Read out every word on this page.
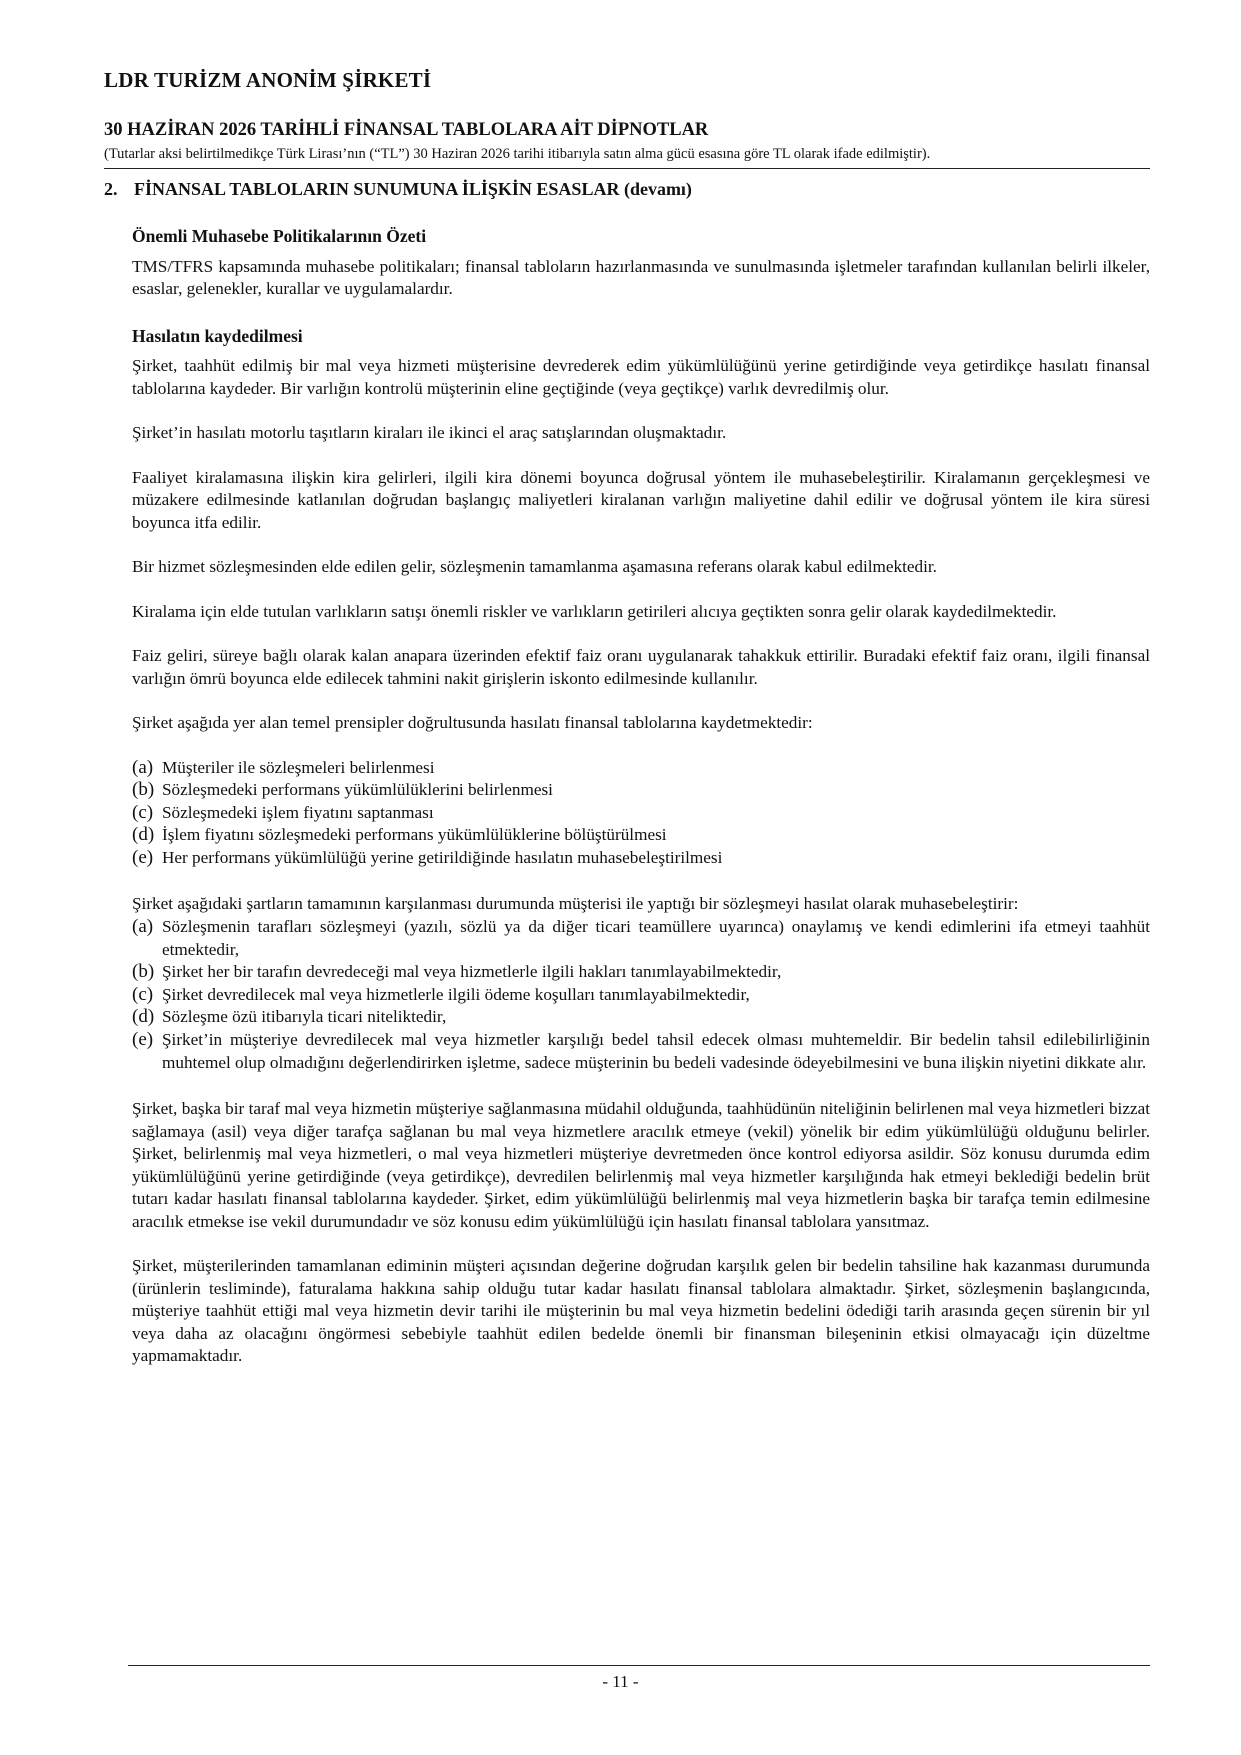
LDR TURİZM ANONİM ŞİRKETİ
30 HAZİRAN 2026 TARİHLİ FİNANSAL TABLOLARA AİT DİPNOTLAR
(Tutarlar aksi belirtilmedikçe Türk Lirası’nın (“TL”) 30 Haziran 2026 tarihi itibarıyla satın alma gücü esasına göre TL olarak ifade edilmiştir).
2. FİNANSAL TABLOLARIN SUNUMUNA İLİŞKİN ESASLAR (devamı)
Önemli Muhasebe Politikalarının Özeti

TMS/TFRS kapsamında muhasebe politikaları; finansal tabloların hazırlanmasında ve sunulmasında işletmeler tarafından kullanılan belirli ilkeler, esaslar, gelenekler, kurallar ve uygulamalardır.

Hasılatın kaydedilmesi

Şirket, taahhüt edilmiş bir mal veya hizmeti müşterisine devrederek edim yükümlülüğünü yerine getirdiğinde veya getirdikçe hasılatı finansal tablolarına kaydeder. Bir varlığın kontrolü müşterinin eline geçtiğinde (veya geçtikçe) varlık devredilmiş olur.

Şirket’in hasılatı motorlu taşıtların kiraları ile ikinci el araç satışlarından oluşmaktadır.

Faaliyet kiralamasına ilişkin kira gelirleri, ilgili kira dönemi boyunca doğrusal yöntem ile muhasebeleştirilir. Kiralamanın gerçekleşmesi ve müzakere edilmesinde katlanılan doğrudan başlangıç maliyetleri kiralanan varlığın maliyetine dahil edilir ve doğrusal yöntem ile kira süresi boyunca itfa edilir.

Bir hizmet sözleşmesinden elde edilen gelir, sözleşmenin tamamlanma aşamasına referans olarak kabul edilmektedir.

Kiralama için elde tutulan varlıkların satışı önemli riskler ve varlıkların getirileri alıcıya geçtikten sonra gelir olarak kaydedilmektedir.

Faiz geliri, süreye bağlı olarak kalan anapara üzerinden efektif faiz oranı uygulanarak tahakkuk ettirilir. Buradaki efektif faiz oranı, ilgili finansal varlığın ömrü boyunca elde edilecek tahmini nakit girişlerin iskonto edilmesinde kullanılır.

Şirket aşağıda yer alan temel prensipler doğrultusunda hasılatı finansal tablolarına kaydetmektedir:

(a) Müşteriler ile sözleşmeleri belirlenmesi
(b) Sözleşmedeki performans yükümlülüklerini belirlenmesi
(c) Sözleşmedeki işlem fiyatını saptanması
(d) İşlem fiyatını sözleşmedeki performans yükümlülüklerine bölüştürülmesi
(e) Her performans yükümlülüğü yerine getirildiğinde hasılatın muhasebeleştirilmesi

Şirket aşağıdaki şartların tamamının karşılanması durumunda müşterisi ile yaptığı bir sözleşmeyi hasılat olarak muhasebeleştirir:

(a) Sözleşmenin tarafları sözleşmeyi (yazılı, sözlü ya da diğer ticari teamüllere uyarınca) onaylamış ve kendi edimlerini ifa etmeyi taahhüt etmektedir,
(b) Şirket her bir tarafın devredeceği mal veya hizmetlerle ilgili hakları tanımlayabilmektedir,
(c) Şirket devredilecek mal veya hizmetlerle ilgili ödeme koşulları tanımlayabilmektedir,
(d) Sözleşme özü itibarıyla ticari niteliktedir,
(e) Şirket’in müşteriye devredilecek mal veya hizmetler karşılığı bedel tahsil edecek olması muhtemeldir. Bir bedelin tahsil edilebilirliğinin muhtemel olup olmadığını değerlendirirken işletme, sadece müşterinin bu bedeli vadesinde ödeyebilmesini ve buna ilişkin niyetini dikkate alır.

Şirket, başka bir taraf mal veya hizmetin müşteriye sağlanmasına müdahil olduğunda, taahhüdünün niteliğinin belirlenen mal veya hizmetleri bizzat sağlamaya (asil) veya diğer tarafça sağlanan bu mal veya hizmetlere aracılık etmeye (vekil) yönelik bir edim yükümlülüğü olduğunu belirler. Şirket, belirlenmiş mal veya hizmetleri, o mal veya hizmetleri müşteriye devretmeden önce kontrol ediyorsa asildir. Söz konusu durumda edim yükümlülüğünü yerine getirdiğinde (veya getirdikçe), devredilen belirlenmiş mal veya hizmetler karşılığında hak etmeyi beklediği bedelin brüt tutarı kadar hasılatı finansal tablolarına kaydeder. Şirket, edim yükümlülüğü belirlenmiş mal veya hizmetlerin başka bir tarafça temin edilmesine aracılık etmekse ise vekil durumundadır ve söz konusu edim yükümlülüğü için hasılatı finansal tablolara yansıtmaz.

Şirket, müşterilerinden tamamlanan ediminin müşteri açısından değerine doğrudan karşılık gelen bir bedelin tahsiline hak kazanması durumunda (ürünlerin tesliminde), faturalama hakkına sahip olduğu tutar kadar hasılatı finansal tablolara almaktadır. Şirket, sözleşmenin başlangıcında, müşteriye taahhüt ettiği mal veya hizmetin devir tarihi ile müşterinin bu mal veya hizmetin bedelini ödediği tarih arasında geçen sürenin bir yıl veya daha az olacağını öngörmesi sebebiyle taahhüt edilen bedelde önemli bir finansman bileşeninin etkisi olmayacağı için düzeltme yapmamaktadır.

- 11 -
